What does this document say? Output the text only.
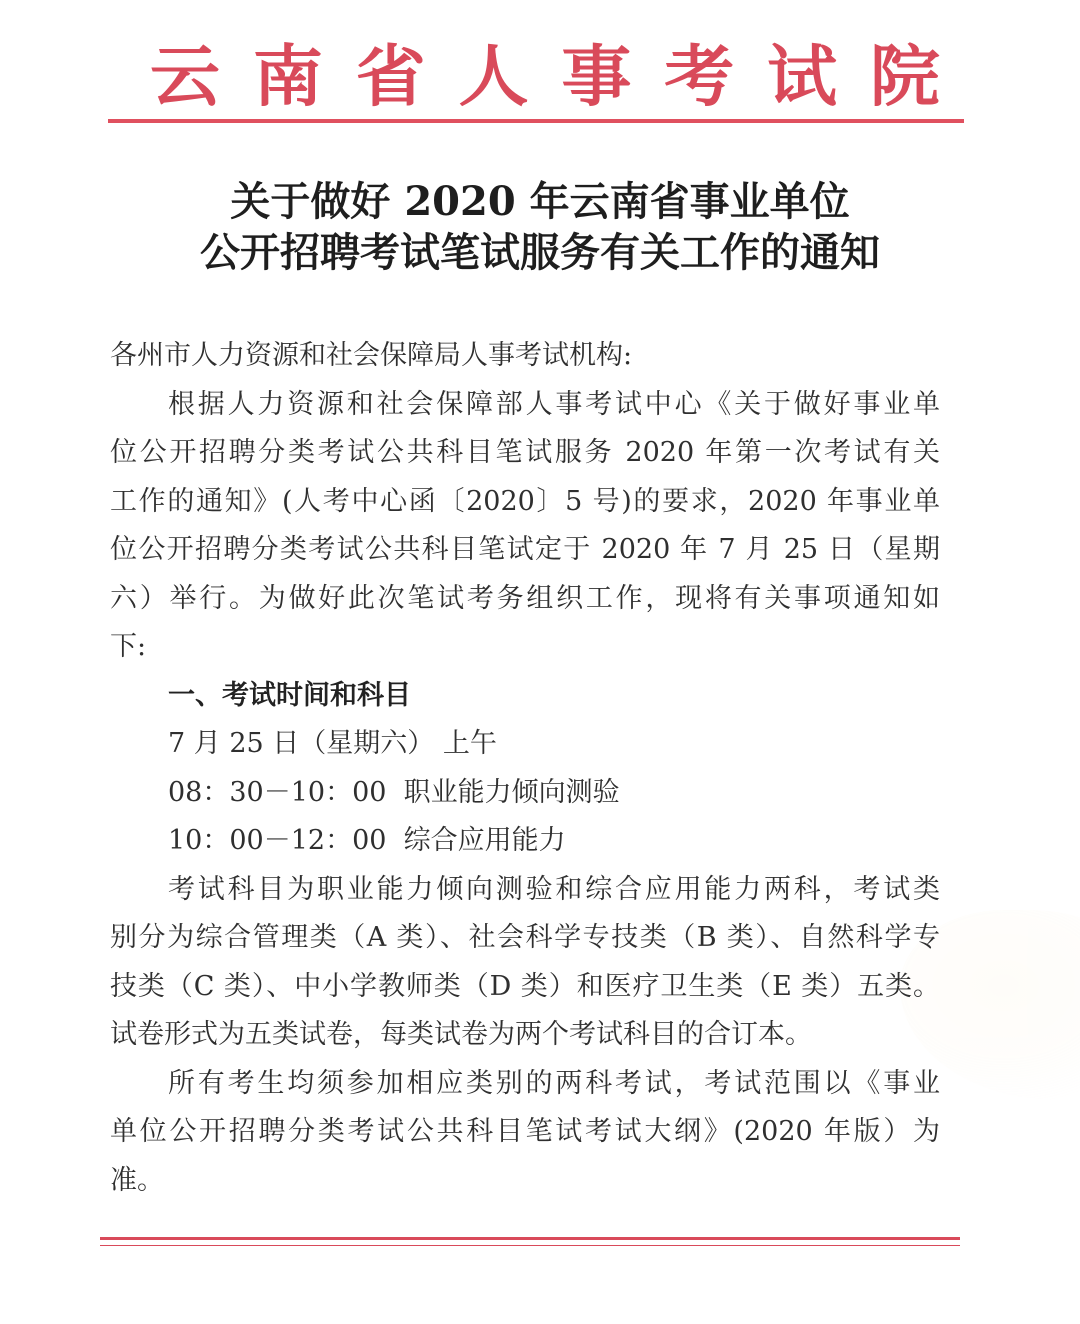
云 南 省 人 事 考 试 院
关于做好 2020 年云南省事业单位
公开招聘考试笔试服务有关工作的通知
各州市人力资源和社会保障局人事考试机构:
根据人力资源和社会保障部人事考试中心《关于做好事业单
位公开招聘分类考试公共科目笔试服务 2020 年第一次考试有关
工作的通知》(人考中心函〔2020〕5 号)的要求，2020 年事业单
位公开招聘分类考试公共科目笔试定于 2020 年 7 月 25 日（星期
六）举行。为做好此次笔试考务组织工作，现将有关事项通知如
下:
一、考试时间和科目
7 月 25 日（星期六） 上午
08：30－10：00 职业能力倾向测验
10：00－12：00 综合应用能力
考试科目为职业能力倾向测验和综合应用能力两科，考试类
别分为综合管理类（A 类）、社会科学专技类（B 类）、自然科学专
技类（C 类）、中小学教师类（D 类）和医疗卫生类（E 类）五类。
试卷形式为五类试卷，每类试卷为两个考试科目的合订本。
所有考生均须参加相应类别的两科考试，考试范围以《事业
单位公开招聘分类考试公共科目笔试考试大纲》(2020 年版）为
准。
